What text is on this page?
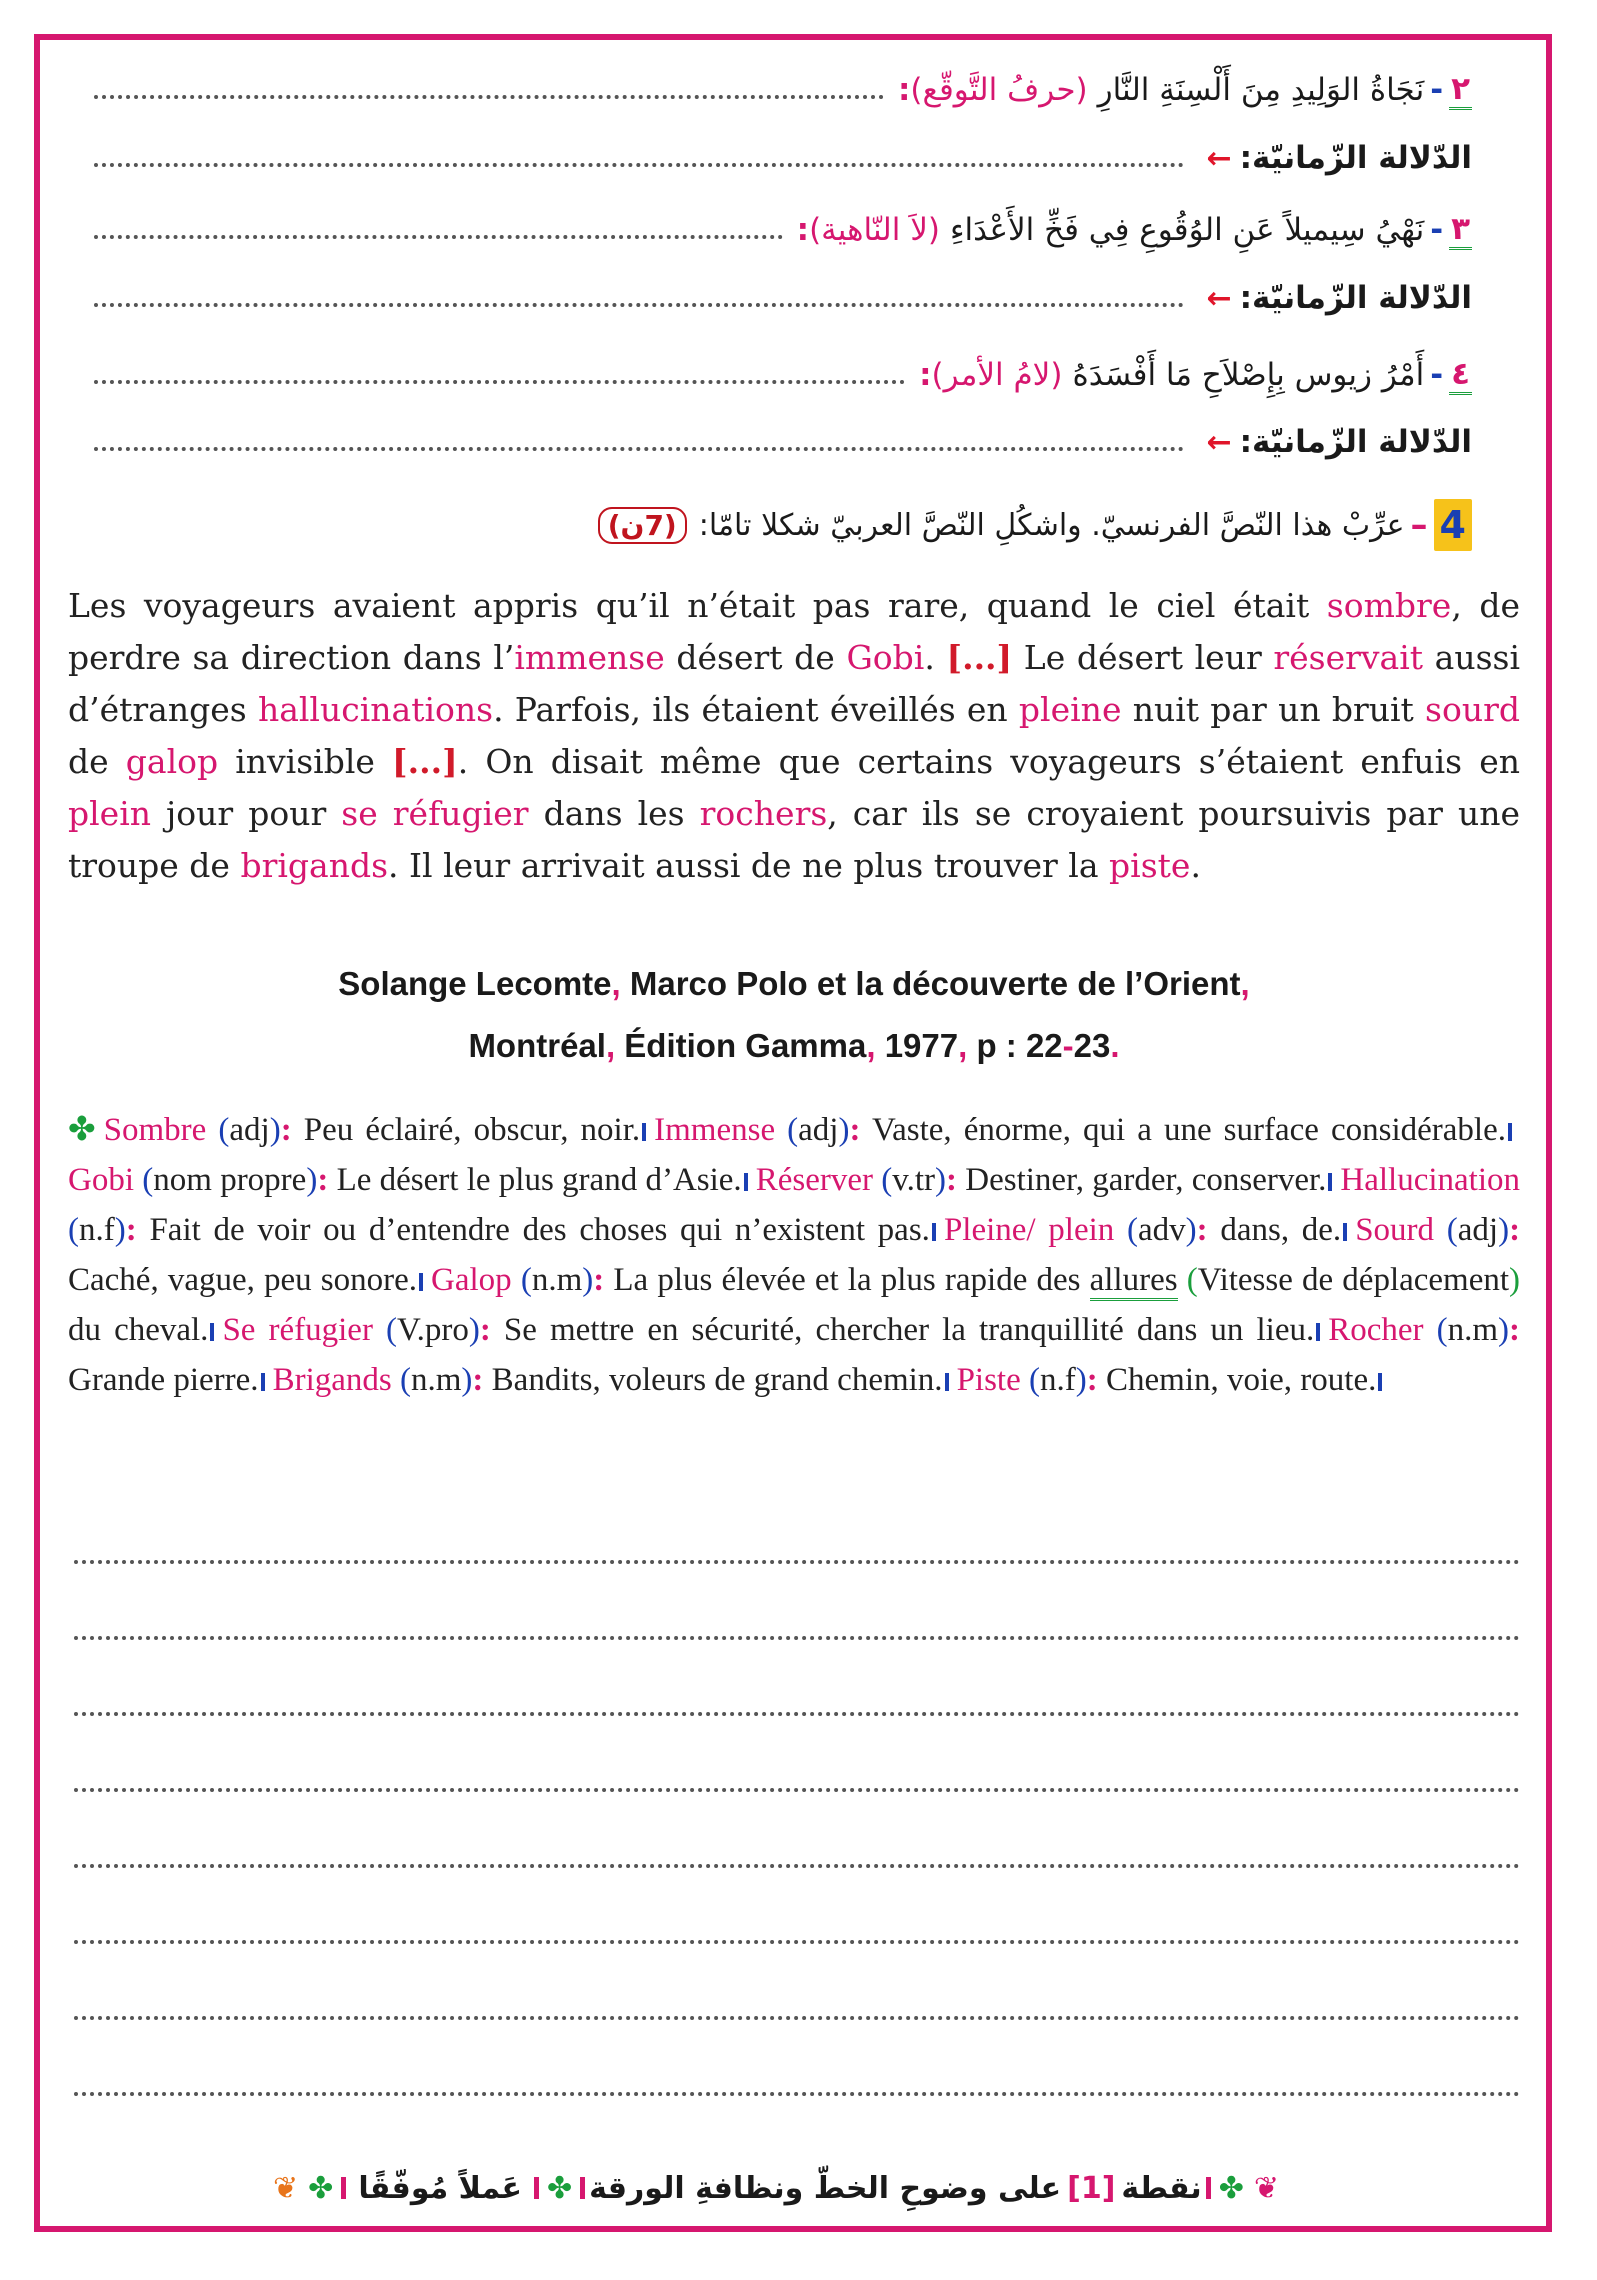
٢
-
نَجَاةُ الوَلِيدِ مِنَ أَلْسِنَةِ النَّارِ
(حرفُ التَّوقّع)
:
الدّلالة الزّمانيّة:
←
٣
-
نَهْيُ سِيميلاً عَنِ الوُقُوعِ فِي فَخِّ الأَعْدَاءِ
(لاَ النّاهية)
:
الدّلالة الزّمانيّة:
←
٤
-
أَمْرُ زيوس بِإِصْلاَحِ مَا أَفْسَدَهُ
(لامُ الأمر)
:
الدّلالة الزّمانيّة:
←
4
–
عرِّبْ هذا النّصَّ الفرنسيّ. واشكُلِ النّصَّ العربيّ شكلا تامّا:
(7ن)
Les voyageurs avaient appris qu’il n’était pas rare, quand le ciel était sombre, de perdre sa direction dans l’immense désert de Gobi. [...] Le désert leur réservait aussi d’étranges hallucinations. Parfois, ils étaient éveillés en pleine nuit par un bruit sourd de galop invisible [...]. On disait même que certains voyageurs s’étaient enfuis en plein jour pour se réfugier dans les rochers, car ils se croyaient poursuivis par une troupe de brigands. Il leur arrivait aussi de ne plus trouver la piste.
Solange Lecomte, Marco Polo et la découverte de l’Orient,
Montréal, Édition Gamma, 1977, p : 22-23.
✤ Sombre (adj): Peu éclairé, obscur, noir. Immense (adj): Vaste, énorme, qui a une surface considérable.Gobi (nom propre): Le désert le plus grand d’Asie. Réserver (v.tr): Destiner, garder, conserver. Hallucination (n.f): Fait de voir ou d’entendre des choses qui n’existent pas. Pleine/ plein (adv): dans, de. Sourd (adj): Caché, vague, peu sonore. Galop (n.m): La plus élevée et la plus rapide des allures (Vitesse de déplacement) du cheval. Se réfugier (V.pro): Se mettre en sécurité, chercher la tranquillité dans un lieu. Rocher (n.m): Grande pierre. Brigands (n.m): Bandits, voleurs de grand chemin. Piste (n.f): Chemin, voie, route.
❦
✤
نقطة
[1]
على وضوحِ الخطّ ونظافةِ الورقة
✤
عَملاً مُوفّقًا
✤
❦
